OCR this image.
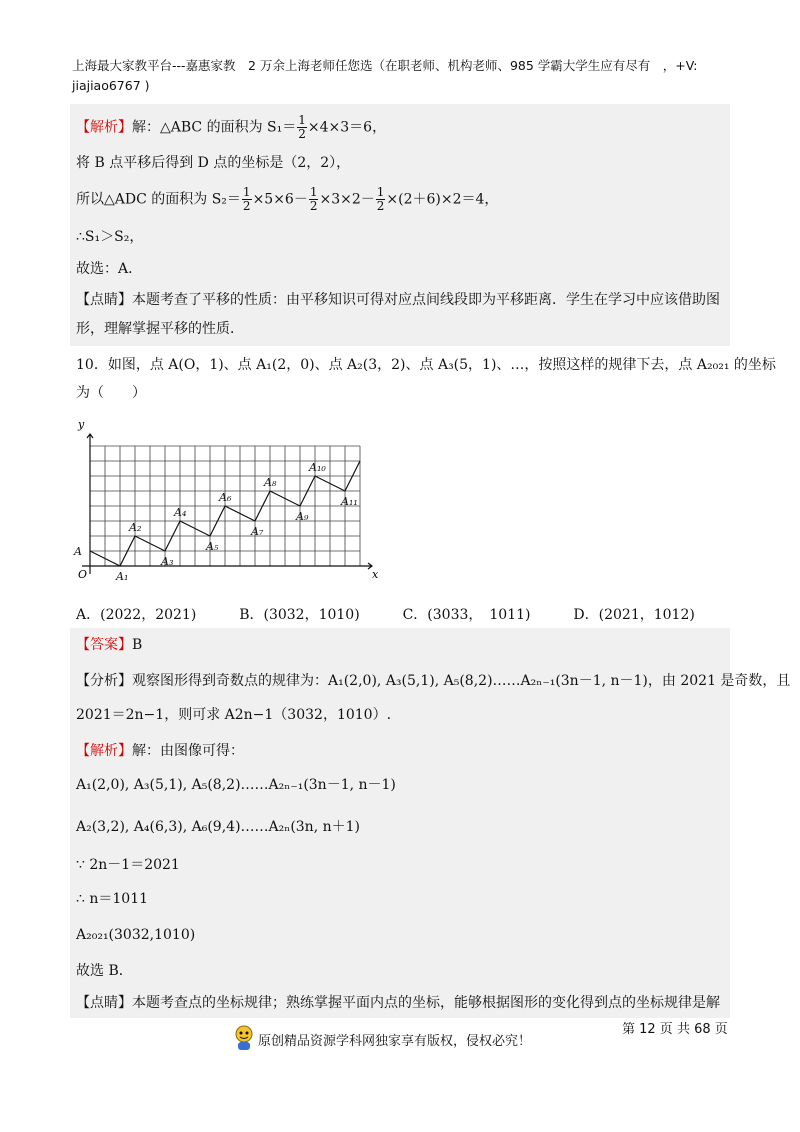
上海最大家教平台---嘉惠家教　2 万余上海老师任您选（在职老师、机构老师、985 学霸大学生应有尽有　，+V:
jiajiao6767 )
【解析】解：△ABC 的面积为 $S_1= \frac{1}{2} \times 4\times 3=6$，
将 B 点平移后得到 D 点的坐标是（2，2），
所以△ADC 的面积为 $S_2= \frac{1}{2} \times 5\times 6- \frac{1}{2} \times 3\times 2- \frac{1}{2} \times(2+6)\times 2=4$，
∴S₁＞S₂，
故选：A．
【点睛】本题考查了平移的性质：由平移知识可得对应点间线段即为平移距离．学生在学习中应该借助图
形，理解掌握平移的性质．
10．如图，点 A(O，1)、点 A₁(2，0)、点 A₂(3，2)、点 A₃(5，1)、…，按照这样的规律下去，点 A₂₀₂₁ 的坐标
为（　　）
A
A₁
A₂
A₃
A₄
A₅
A₆
A₇
A₈
A₉
A₁₀
A₁₁
y
x
O
A．(2022，2021)	B．(3032，1010)	C．(3033，　1011)	D．(2021，1012)
【答案】B
【分析】观察图形得到奇数点的规律为：A₁(2,0), A₃(5,1), A₅(8,2)……A₂ₙ₋₁(3n－1, n－1)，由 2021 是奇数，且
2021＝2n−1，则可求 A2n−1（3032，1010）.
【解析】解：由图像可得：
A₁(2,0), A₃(5,1), A₅(8,2)……A₂ₙ₋₁(3n－1, n－1)
A₂(3,2), A₄(6,3), A₆(9,4)……A₂ₙ(3n, n＋1)
∵ 2n－1＝2021
∴ n＝1011
A₂₀₂₁(3032,1010)
故选 B．
【点睛】本题考查点的坐标规律；熟练掌握平面内点的坐标，能够根据图形的变化得到点的坐标规律是解
第 12 页 共 68 页
原创精品资源学科网独家享有版权，侵权必究！
